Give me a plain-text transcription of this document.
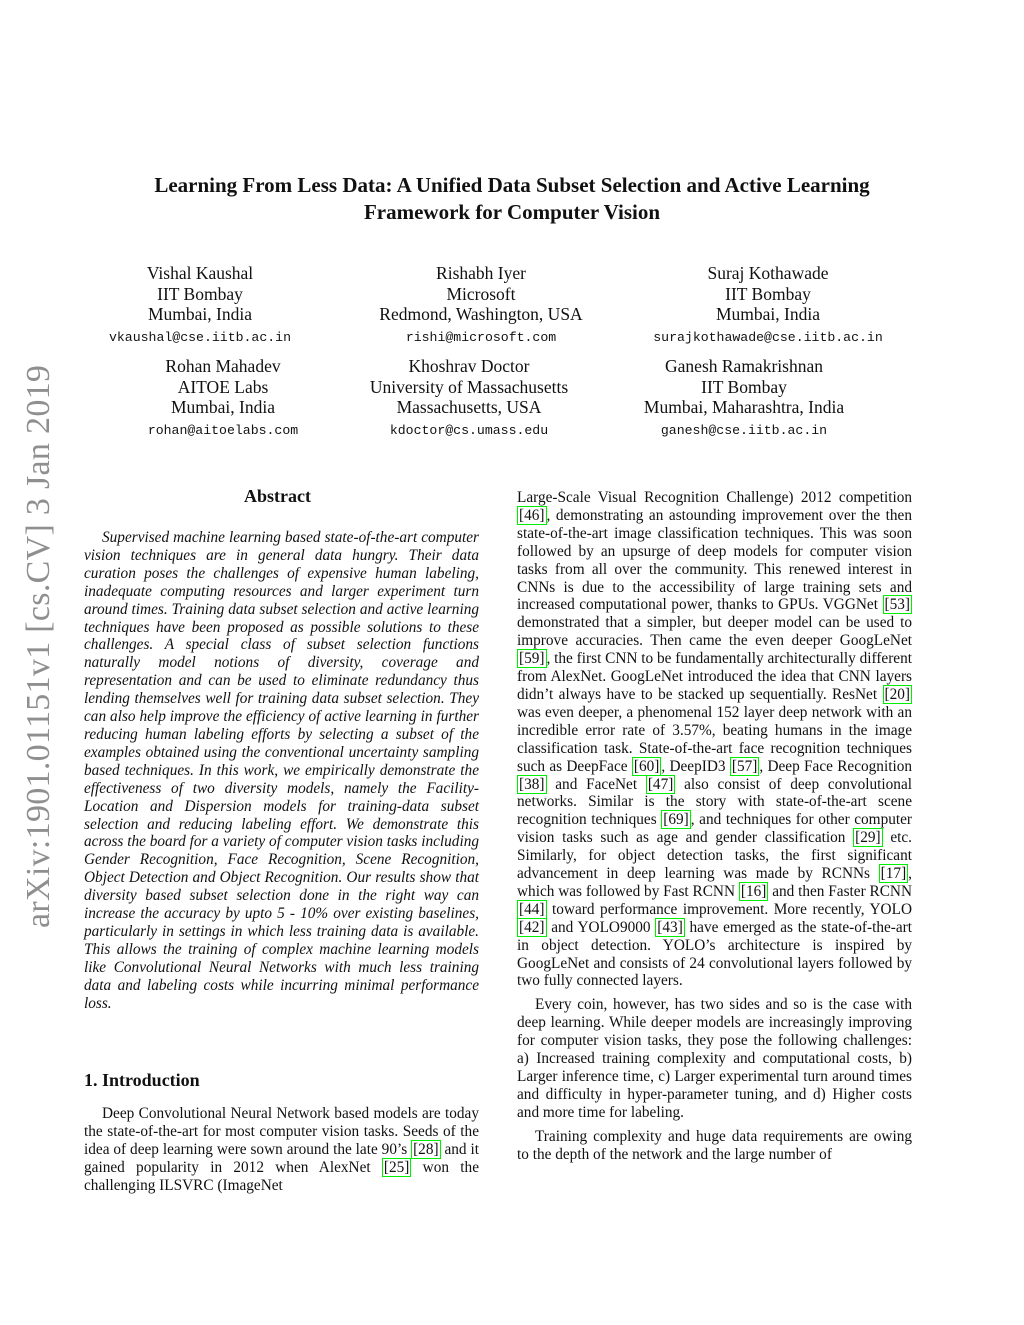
Learning From Less Data: A Unified Data Subset Selection and Active Learning
Framework for Computer Vision
arXiv:1901.01151v1 [cs.CV] 3 Jan 2019
Vishal Kaushal
IIT Bombay
Mumbai, India
vkaushal@cse.iitb.ac.in
Rishabh Iyer
Microsoft
Redmond, Washington, USA
rishi@microsoft.com
Suraj Kothawade
IIT Bombay
Mumbai, India
surajkothawade@cse.iitb.ac.in
Rohan Mahadev
AITOE Labs
Mumbai, India
rohan@aitoelabs.com
Khoshrav Doctor
University of Massachusetts
Massachusetts, USA
kdoctor@cs.umass.edu
Ganesh Ramakrishnan
IIT Bombay
Mumbai, Maharashtra, India
ganesh@cse.iitb.ac.in
Abstract

Supervised machine learning based state-of-the-art computer vision techniques are in general data hungry. Their data curation poses the challenges of expensive human labeling, inadequate computing resources and larger experiment turn around times. Training data subset selection and active learning techniques have been proposed as possible solutions to these challenges. A special class of subset selection functions naturally model notions of diversity, coverage and representation and can be used to eliminate redundancy thus lending themselves well for training data subset selection. They can also help improve the efficiency of active learning in further reducing human labeling efforts by selecting a subset of the examples obtained using the conventional uncertainty sampling based techniques. In this work, we empirically demonstrate the effectiveness of two diversity models, namely the Facility-Location and Dispersion models for training-data subset selection and reducing labeling effort. We demonstrate this across the board for a variety of computer vision tasks including Gender Recognition, Face Recognition, Scene Recognition, Object Detection and Object Recognition. Our results show that diversity based subset selection done in the right way can increase the accuracy by upto 5 - 10% over existing baselines, particularly in settings in which less training data is available. This allows the training of complex machine learning models like Convolutional Neural Networks with much less training data and labeling costs while incurring minimal performance loss.

1. Introduction

Deep Convolutional Neural Network based models are today the state-of-the-art for most computer vision tasks. Seeds of the idea of deep learning were sown around the late 90’s [28] and it gained popularity in 2012 when AlexNet [25] won the challenging ILSVRC (ImageNet

Large-Scale Visual Recognition Challenge) 2012 competition [46] , demonstrating an astounding improvement over the then state-of-the-art image classification techniques. This was soon followed by an upsurge of deep models for computer vision tasks from all over the community. This renewed interest in CNNs is due to the accessibility of large training sets and increased computational power, thanks to GPUs. VGGNet [53] demonstrated that a simpler, but deeper model can be used to improve accuracies. Then came the even deeper GoogLeNet [59] , the first CNN to be fundamentally architecturally different from AlexNet. GoogLeNet introduced the idea that CNN layers didn’t always have to be stacked up sequentially. ResNet [20] was even deeper, a phenomenal 152 layer deep network with an incredible error rate of 3.57%, beating humans in the image classification task. State-of-the-art face recognition techniques such as DeepFace [60] , DeepID3 [57] , Deep Face Recognition [38] and FaceNet [47] also consist of deep convolutional networks. Similar is the story with state-of-the-art scene recognition techniques [69] , and techniques for other computer vision tasks such as age and gender classification [29] etc. Similarly, for object detection tasks, the first significant advancement in deep learning was made by RCNNs [17] , which was followed by Fast RCNN [16] and then Faster RCNN [44] toward performance improvement. More recently, YOLO [42] and YOLO9000 [43] have emerged as the state-of-the-art in object detection. YOLO’s architecture is inspired by GoogLeNet and consists of 24 convolutional layers followed by two fully connected layers.

Every coin, however, has two sides and so is the case with deep learning. While deeper models are increasingly improving for computer vision tasks, they pose the following challenges: a) Increased training complexity and computational costs, b) Larger inference time, c) Larger experimental turn around times and difficulty in hyper-parameter tuning, and d) Higher costs and more time for labeling.

Training complexity and huge data requirements are owing to the depth of the network and the large number of
